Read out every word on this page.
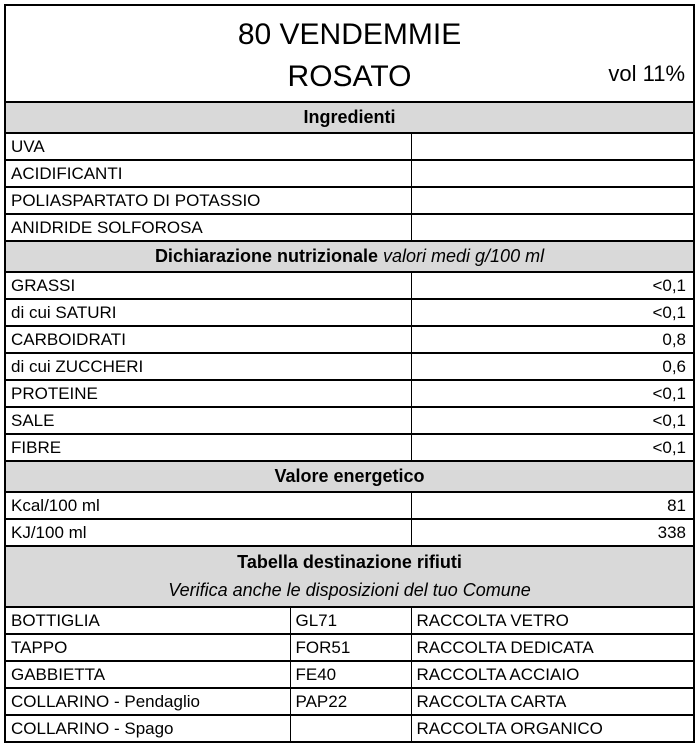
80 VENDEMMIE
ROSATO vol 11%		

Ingredienti		
UVA		
ACIDIFICANTI		
POLIASPARTATO DI POTASSIO		
ANIDRIDE SOLFOROSA		
Dichiarazione nutrizionale valori medi g/100 ml		
GRASSI		<0,1
di cui SATURI		<0,1
CARBOIDRATI		0,8
di cui ZUCCHERI		0,6
PROTEINE		<0,1
SALE		<0,1
FIBRE		<0,1
Valore energetico		
Kcal/100 ml		81
KJ/100 ml		338

Tabella destinazione rifiuti
Verifica anche le disposizioni del tuo Comune		

BOTTIGLIA	GL71	RACCOLTA VETRO
TAPPO	FOR51	RACCOLTA DEDICATA
GABBIETTA	FE40	RACCOLTA ACCIAIO
COLLARINO - Pendaglio	PAP22	RACCOLTA CARTA
COLLARINO - Spago		RACCOLTA ORGANICO
